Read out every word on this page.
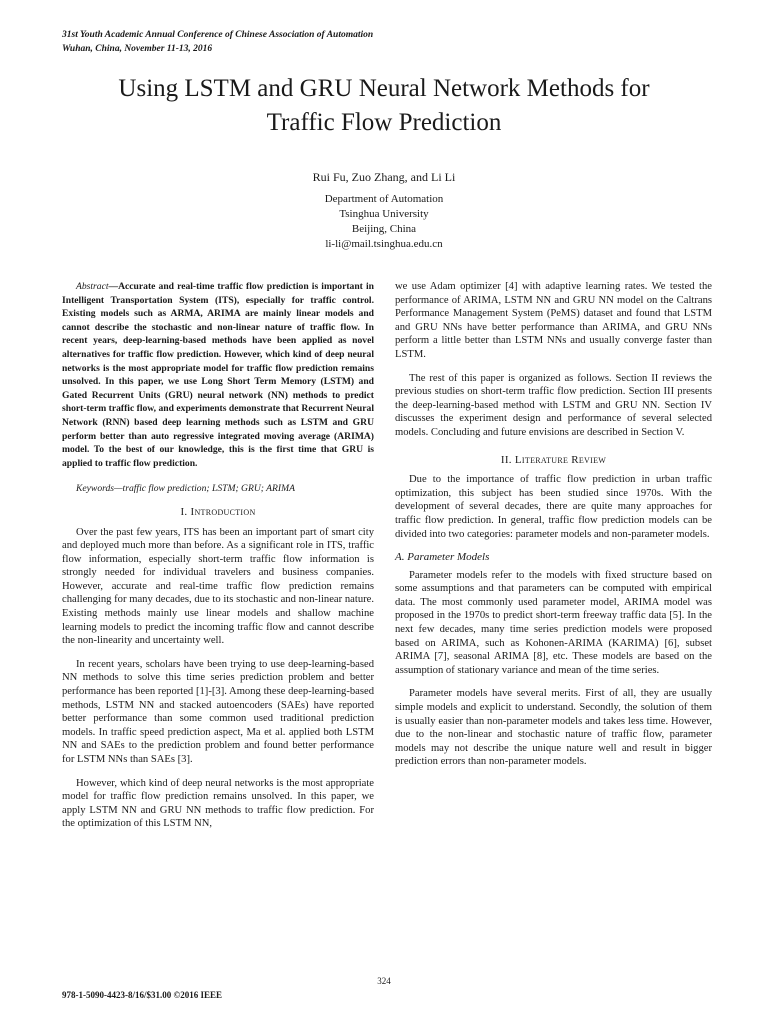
31st Youth Academic Annual Conference of Chinese Association of Automation
Wuhan, China, November 11-13, 2016
Using LSTM and GRU Neural Network Methods for
Traffic Flow Prediction
Rui Fu, Zuo Zhang, and Li Li
Department of Automation
Tsinghua University
Beijing, China
li-li@mail.tsinghua.edu.cn

Abstract—Accurate and real-time traffic flow prediction is important in Intelligent Transportation System (ITS), especially for traffic control. Existing models such as ARMA, ARIMA are mainly linear models and cannot describe the stochastic and non-linear nature of traffic flow. In recent years, deep-learning-based methods have been applied as novel alternatives for traffic flow prediction. However, which kind of deep neural networks is the most appropriate model for traffic flow prediction remains unsolved. In this paper, we use Long Short Term Memory (LSTM) and Gated Recurrent Units (GRU) neural network (NN) methods to predict short-term traffic flow, and experiments demonstrate that Recurrent Neural Network (RNN) based deep learning methods such as LSTM and GRU perform better than auto regressive integrated moving average (ARIMA) model. To the best of our knowledge, this is the first time that GRU is applied to traffic flow prediction.

Keywords—traffic flow prediction; LSTM; GRU; ARIMA

I. Introduction

Over the past few years, ITS has been an important part of smart city and deployed much more than before. As a significant role in ITS, traffic flow information, especially short-term traffic flow information is strongly needed for individual travelers and business companies. However, accurate and real-time traffic flow prediction remains challenging for many decades, due to its stochastic and non-linear nature. Existing methods mainly use linear models and shallow machine learning models to predict the incoming traffic flow and cannot describe the non-linearity and uncertainty well.

In recent years, scholars have been trying to use deep-learning-based NN methods to solve this time series prediction problem and better performance has been reported [1]-[3]. Among these deep-learning-based methods, LSTM NN and stacked autoencoders (SAEs) have reported better performance than some common used traditional prediction models. In traffic speed prediction aspect, Ma et al. applied both LSTM NN and SAEs to the prediction problem and found better performance for LSTM NNs than SAEs [3].

However, which kind of deep neural networks is the most appropriate model for traffic flow prediction remains unsolved. In this paper, we apply LSTM NN and GRU NN methods to traffic flow prediction. For the optimization of this LSTM NN,

we use Adam optimizer [4] with adaptive learning rates. We tested the performance of ARIMA, LSTM NN and GRU NN model on the Caltrans Performance Management System (PeMS) dataset and found that LSTM and GRU NNs have better performance than ARIMA, and GRU NNs perform a little better than LSTM NNs and usually converge faster than LSTM.

The rest of this paper is organized as follows. Section II reviews the previous studies on short-term traffic flow prediction. Section III presents the deep-learning-based method with LSTM and GRU NN. Section IV discusses the experiment design and performance of several selected models. Concluding and future envisions are described in Section V.

II. Literature Review

Due to the importance of traffic flow prediction in urban traffic optimization, this subject has been studied since 1970s. With the development of several decades, there are quite many approaches for traffic flow prediction. In general, traffic flow prediction models can be divided into two categories: parameter models and non-parameter models.

A. Parameter Models

Parameter models refer to the models with fixed structure based on some assumptions and that parameters can be computed with empirical data. The most commonly used parameter model, ARIMA model was proposed in the 1970s to predict short-term freeway traffic data [5]. In the next few decades, many time series prediction models were proposed based on ARIMA, such as Kohonen-ARIMA (KARIMA) [6], subset ARIMA [7], seasonal ARIMA [8], etc. These models are based on the assumption of stationary variance and mean of the time series.

Parameter models have several merits. First of all, they are usually simple models and explicit to understand. Secondly, the solution of them is usually easier than non-parameter models and takes less time. However, due to the non-linear and stochastic nature of traffic flow, parameter models may not describe the unique nature well and result in bigger prediction errors than non-parameter models.

324
978-1-5090-4423-8/16/$31.00 ©2016 IEEE
